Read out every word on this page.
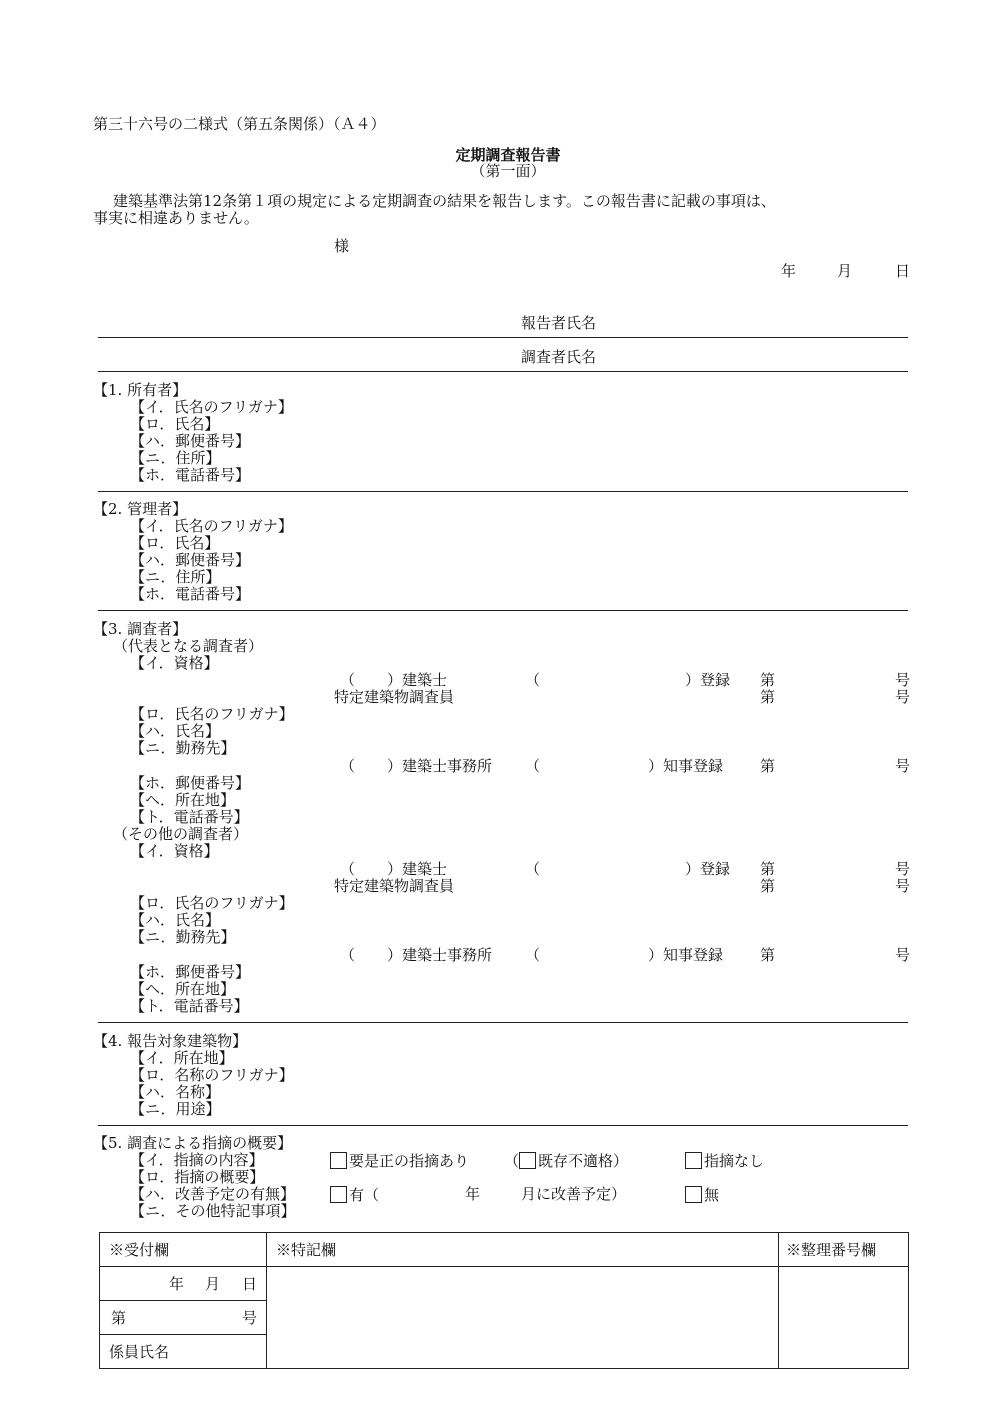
第三十六号の二様式（第五条関係）（Ａ４）
定期調査報告書
（第一面）
建築基準法第12条第１項の規定による定期調査の結果を報告します。この報告書に記載の事項は、
事実に相違ありません。
様
年	月	日
報告者氏名
調査者氏名
【1. 所有者】
【イ．氏名のフリガナ】
【ロ．氏名】
【ハ．郵便番号】
【ニ．住所】
【ホ．電話番号】
【2. 管理者】
【イ．氏名のフリガナ】
【ロ．氏名】
【ハ．郵便番号】
【ニ．住所】
【ホ．電話番号】
【3. 調査者】
（代表となる調査者）
【イ．資格】
（ ）建築士	（	）登録 第	号
特定建築物調査員	第	号
【ロ．氏名のフリガナ】
【ハ．氏名】
【ニ．勤務先】
（ ）建築士事務所 （	）知事登録 第	号
【ホ．郵便番号】
【ヘ．所在地】
【ト．電話番号】
（その他の調査者）
【イ．資格】
（ ）建築士	（	）登録 第	号
特定建築物調査員	第	号
【ロ．氏名のフリガナ】
【ハ．氏名】
【ニ．勤務先】
（ ）建築士事務所 （	）知事登録 第	号
【ホ．郵便番号】
【ヘ．所在地】
【ト．電話番号】
【4. 報告対象建築物】
【イ．所在地】
【ロ．名称のフリガナ】
【ハ．名称】
【ニ．用途】
【5. 調査による指摘の概要】
【イ．指摘の内容】
【ロ．指摘の概要】
【ハ．改善予定の有無】
【ニ．その他特記事項】
要是正の指摘あり （ 既存不適格）	指摘なし
有（	年	月に改善予定）	無
※受付欄	※特記欄	※整理番号欄
年 月 日
第	号
係員氏名
